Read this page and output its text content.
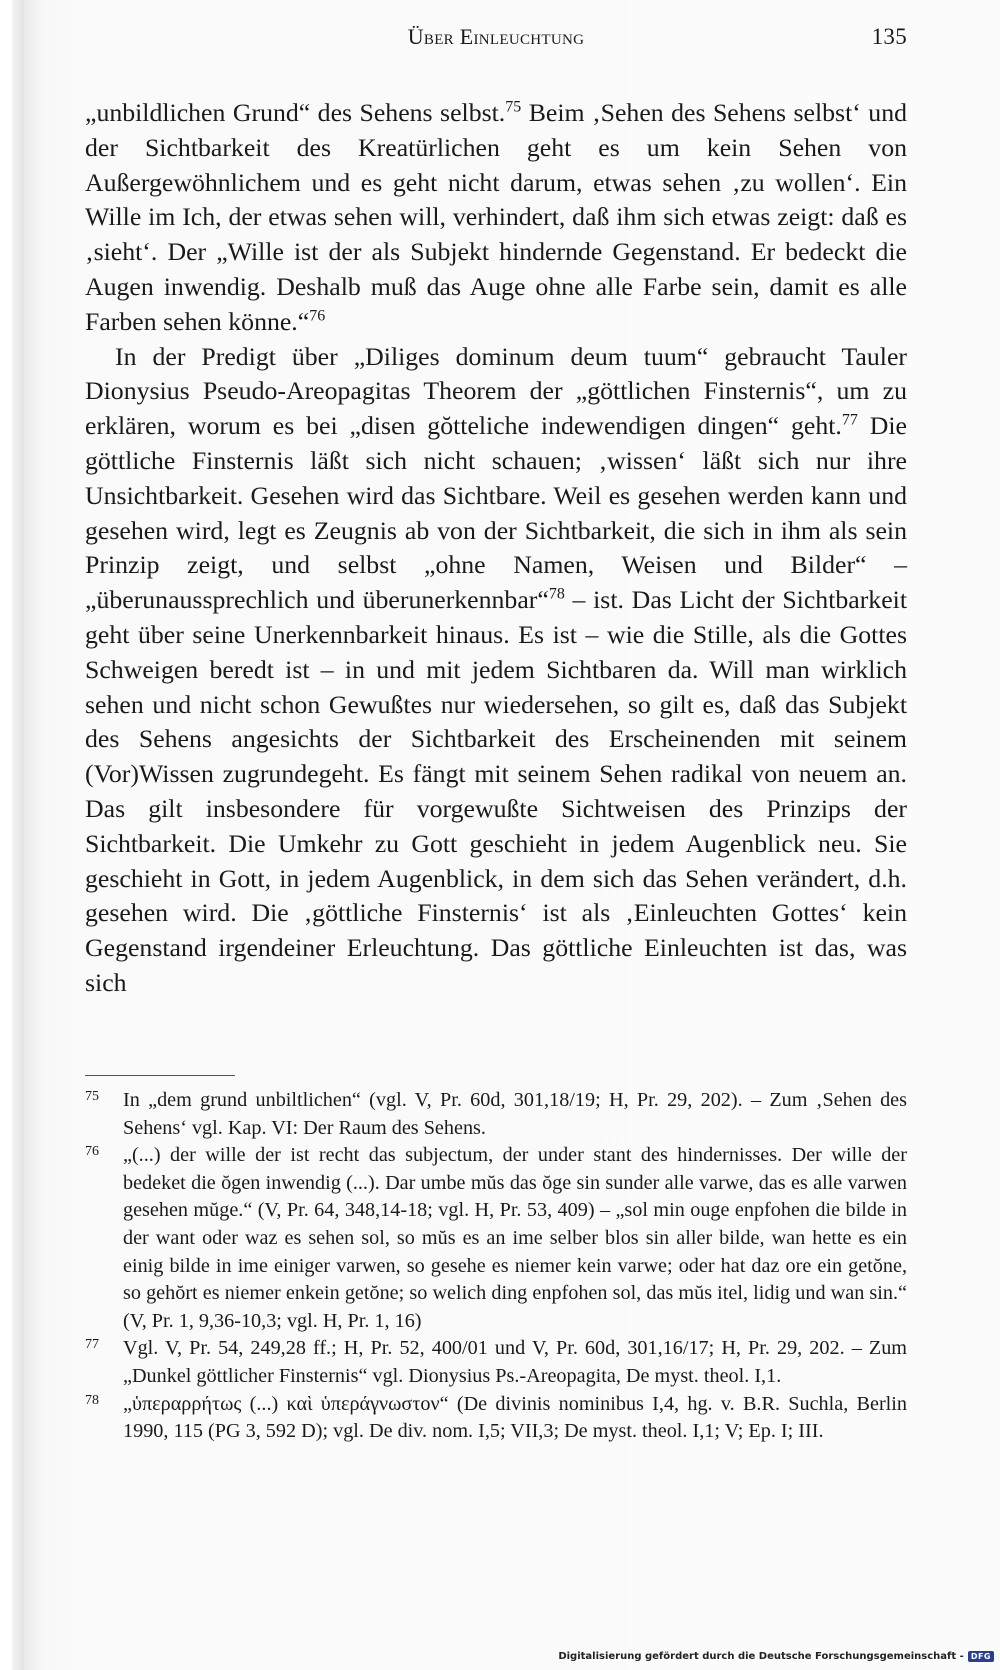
Über Einleuchtung	135

„unbildlichen Grund“ des Sehens selbst.$^{75}$ Beim ‚Sehen des Sehens selbst‘ und der Sichtbarkeit des Kreatürlichen geht es um kein Sehen von Außergewöhnlichem und es geht nicht darum, etwas sehen ‚zu wollen‘. Ein Wille im Ich, der etwas sehen will, verhindert, daß ihm sich etwas zeigt: daß es ‚sieht‘. Der „Wille ist der als Subjekt hindernde Gegenstand. Er bedeckt die Augen inwendig. Deshalb muß das Auge ohne alle Farbe sein, damit es alle Farben sehen könne.“$^{76}$

In der Predigt über „Diliges dominum deum tuum“ gebraucht Tauler Dionysius Pseudo-Areopagitas Theorem der „göttlichen Finsternis“, um zu erklären, worum es bei „disen gŏtteliche indewendigen dingen“ geht.$^{77}$ Die göttliche Finsternis läßt sich nicht schauen; ‚wissen‘ läßt sich nur ihre Unsichtbarkeit. Gesehen wird das Sichtbare. Weil es gesehen werden kann und gesehen wird, legt es Zeugnis ab von der Sichtbarkeit, die sich in ihm als sein Prinzip zeigt, und selbst „ohne Namen, Weisen und Bilder“ – „überunaussprechlich und überunerkennbar“$^{78}$ – ist. Das Licht der Sichtbarkeit geht über seine Unerkennbarkeit hinaus. Es ist – wie die Stille, als die Gottes Schweigen beredt ist – in und mit jedem Sichtbaren da. Will man wirklich sehen und nicht schon Gewußtes nur wiedersehen, so gilt es, daß das Subjekt des Sehens angesichts der Sichtbarkeit des Erscheinenden mit seinem (Vor)Wissen zugrundegeht. Es fängt mit seinem Sehen radikal von neuem an. Das gilt insbesondere für vorgewußte Sichtweisen des Prinzips der Sichtbarkeit. Die Umkehr zu Gott geschieht in jedem Augenblick neu. Sie geschieht in Gott, in jedem Augenblick, in dem sich das Sehen verändert, d.h. gesehen wird. Die ‚göttliche Finsternis‘ ist als ‚Einleuchten Gottes‘ kein Gegenstand irgendeiner Erleuchtung. Das göttliche Einleuchten ist das, was sich

75 In „dem grund unbiltlichen“ (vgl. V, Pr. 60d, 301,18/19; H, Pr. 29, 202). – Zum ‚Sehen des Sehens‘ vgl. Kap. VI: Der Raum des Sehens.
76 „(...) der wille der ist recht das subjectum, der under stant des hindernisses. Der wille der bedeket die ŏgen inwendig (...). Dar umbe mŭs das ŏge sin sunder alle varwe, das es alle varwen gesehen mŭge.“ (V, Pr. 64, 348,14-18; vgl. H, Pr. 53, 409) – „sol min ouge enpfohen die bilde in der want oder waz es sehen sol, so mŭs es an ime selber blos sin aller bilde, wan hette es ein einig bilde in ime einiger varwen, so gesehe es niemer kein varwe; oder hat daz ore ein getŏne, so gehŏrt es niemer enkein getŏne; so welich ding enpfohen sol, das mŭs itel, lidig und wan sin.“ (V, Pr. 1, 9,36-10,3; vgl. H, Pr. 1, 16)
77 Vgl. V, Pr. 54, 249,28 ff.; H, Pr. 52, 400/01 und V, Pr. 60d, 301,16/17; H, Pr. 29, 202. – Zum „Dunkel göttlicher Finsternis“ vgl. Dionysius Ps.-Areopagita, De myst. theol. I,1.
78 „ὑπεραρρήτως (...) καὶ ὑπεράγνωστον“ (De divinis nominibus I,4, hg. v. B.R. Suchla, Berlin 1990, 115 (PG 3, 592 D); vgl. De div. nom. I,5; VII,3; De myst. theol. I,1; V; Ep. I; III.
Digitalisierung gefördert durch die Deutsche Forschungsgemeinschaft - DFG
